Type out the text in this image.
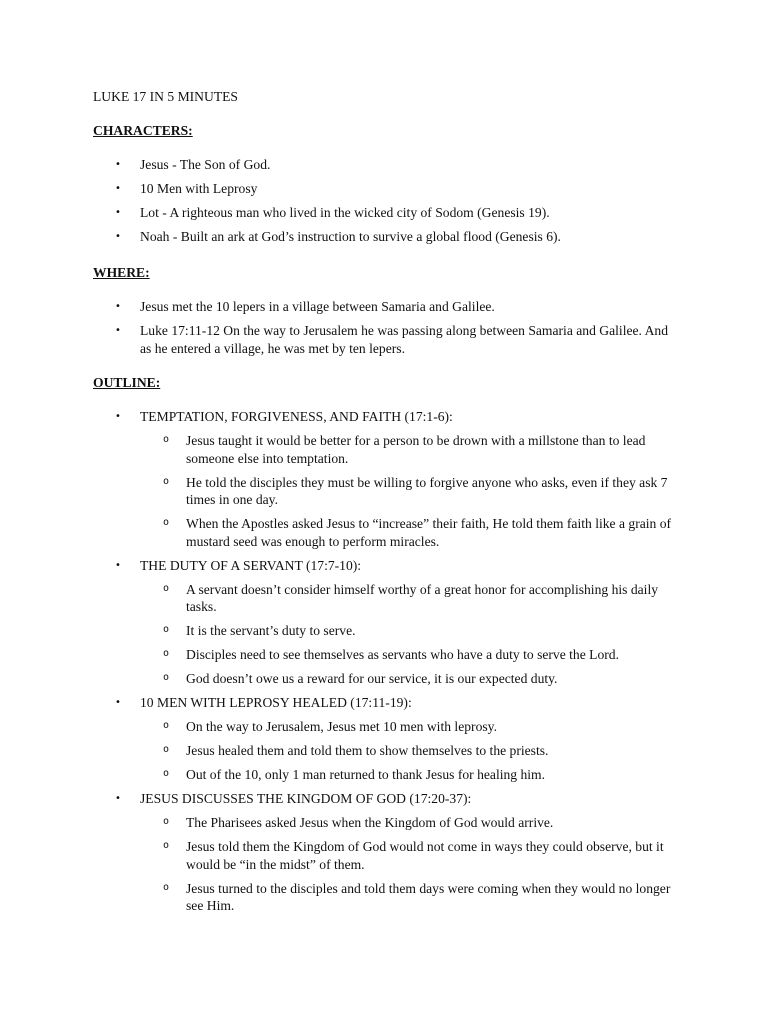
LUKE 17 IN 5 MINUTES
CHARACTERS:
• Jesus - The Son of God.
• 10 Men with Leprosy
• Lot - A righteous man who lived in the wicked city of Sodom (Genesis 19).
• Noah - Built an ark at God’s instruction to survive a global flood (Genesis 6).
WHERE:
• Jesus met the 10 lepers in a village between Samaria and Galilee.
• Luke 17:11-12 On the way to Jerusalem he was passing along between Samaria and Galilee. And as he entered a village, he was met by ten lepers.
OUTLINE:
• TEMPTATION, FORGIVENESS, AND FAITH (17:1-6):
o Jesus taught it would be better for a person to be drown with a millstone than to lead someone else into temptation.
o He told the disciples they must be willing to forgive anyone who asks, even if they ask 7 times in one day.
o When the Apostles asked Jesus to “increase” their faith, He told them faith like a grain of mustard seed was enough to perform miracles.
• THE DUTY OF A SERVANT (17:7-10):
o A servant doesn’t consider himself worthy of a great honor for accomplishing his daily tasks.
o It is the servant’s duty to serve.
o Disciples need to see themselves as servants who have a duty to serve the Lord.
o God doesn’t owe us a reward for our service, it is our expected duty.
• 10 MEN WITH LEPROSY HEALED (17:11-19):
o On the way to Jerusalem, Jesus met 10 men with leprosy.
o Jesus healed them and told them to show themselves to the priests.
o Out of the 10, only 1 man returned to thank Jesus for healing him.
• JESUS DISCUSSES THE KINGDOM OF GOD (17:20-37):
o The Pharisees asked Jesus when the Kingdom of God would arrive.
o Jesus told them the Kingdom of God would not come in ways they could observe, but it would be “in the midst” of them.
o Jesus turned to the disciples and told them days were coming when they would no longer see Him.
